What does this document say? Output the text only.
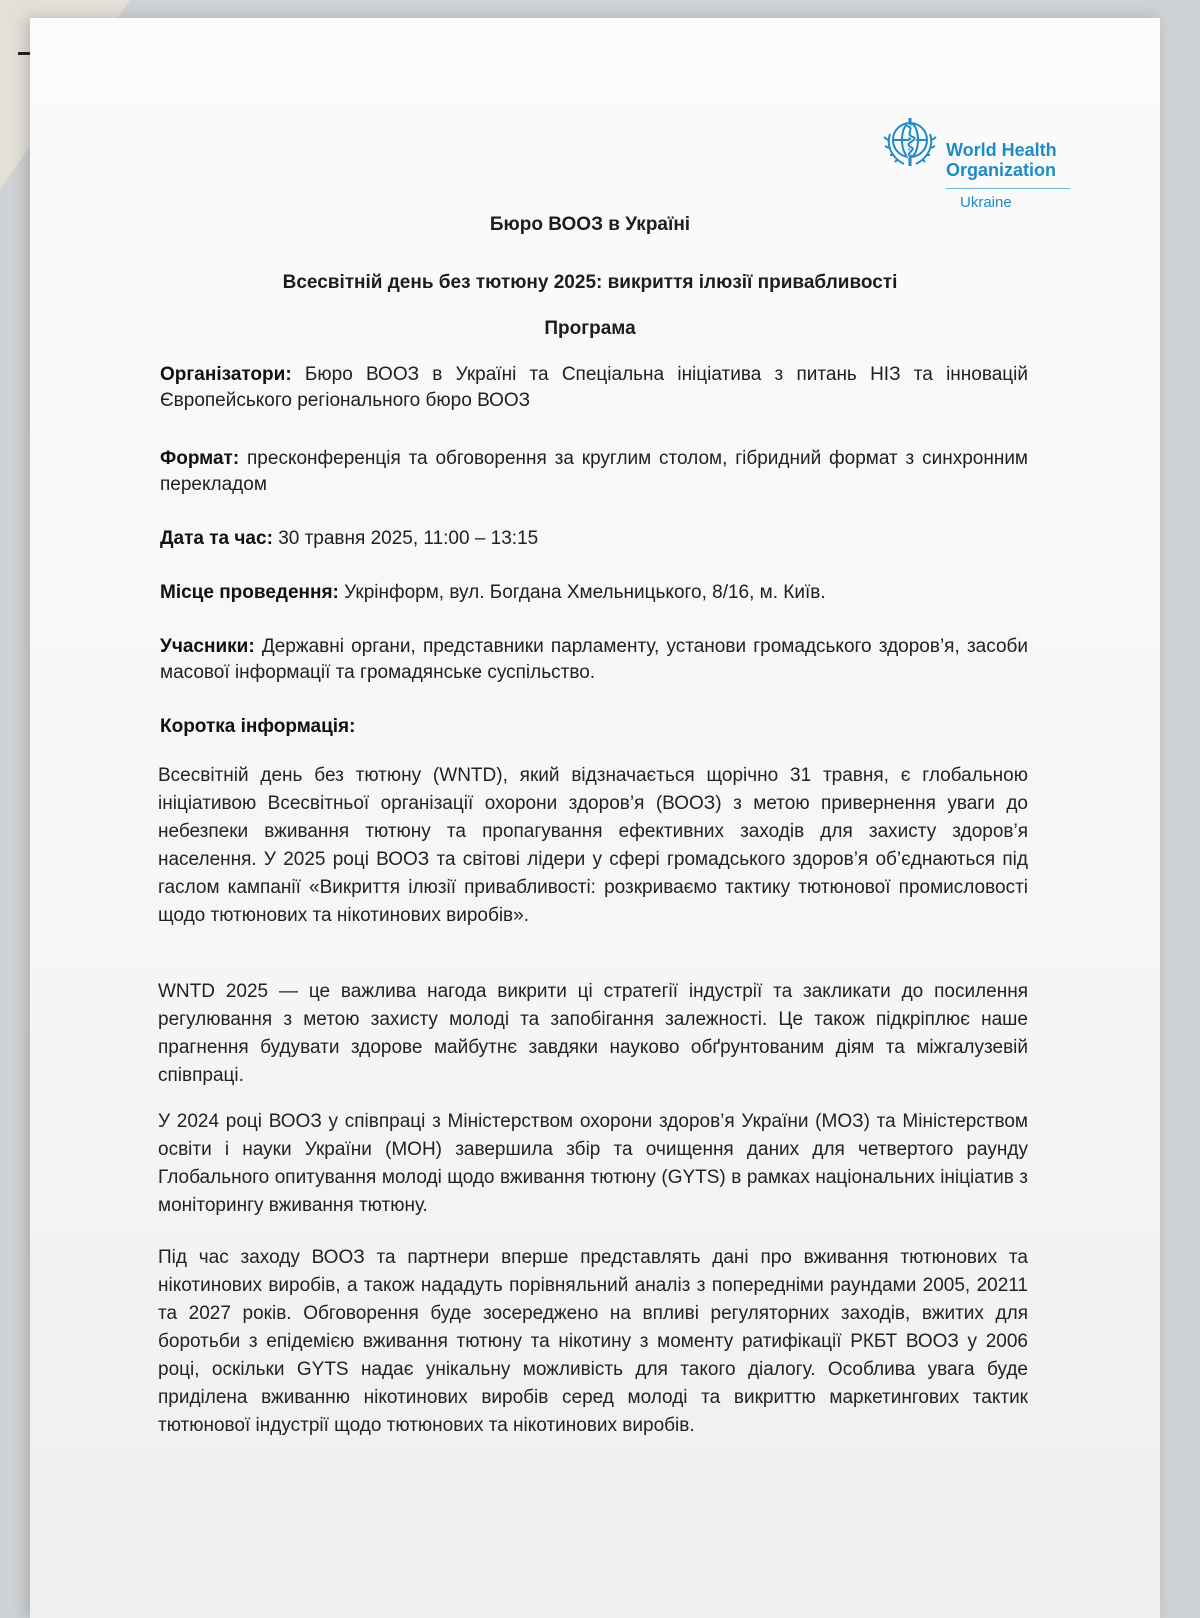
World Health
Organization
Ukraine
Бюро ВООЗ в Україні
Всесвітній день без тютюну 2025: викриття ілюзії привабливості
Програма

Організатори: Бюро ВООЗ в Україні та Спеціальна ініціатива з питань НІЗ та інновацій Європейського регіонального бюро ВООЗ

Формат: пресконференція та обговорення за круглим столом, гібридний формат з синхронним перекладом

Дата та час: 30 травня 2025, 11:00 – 13:15

Місце проведення: Укрінформ, вул. Богдана Хмельницького, 8/16, м. Київ.

Учасники: Державні органи, представники парламенту, установи громадського здоров’я, засоби масової інформації та громадянське суспільство.

Коротка інформація:

Всесвітній день без тютюну (WNTD), який відзначається щорічно 31 травня, є глобальною ініціативою Всесвітньої організації охорони здоров’я (ВООЗ) з метою привернення уваги до небезпеки вживання тютюну та пропагування ефективних заходів для захисту здоров’я населення. У 2025 році ВООЗ та світові лідери у сфері громадського здоров’я об’єднаються під гаслом кампанії «Викриття ілюзії привабливості: розкриваємо тактику тютюнової промисловості щодо тютюнових та нікотинових виробів».

WNTD 2025 — це важлива нагода викрити ці стратегії індустрії та закликати до посилення регулювання з метою захисту молоді та запобігання залежності. Це також підкріплює наше прагнення будувати здорове майбутнє завдяки науково обґрунтованим діям та міжгалузевій співпраці.

У 2024 році ВООЗ у співпраці з Міністерством охорони здоров’я України (МОЗ) та Міністерством освіти і науки України (МОН) завершила збір та очищення даних для четвертого раунду Глобального опитування молоді щодо вживання тютюну (GYTS) в рамках національних ініціатив з моніторингу вживання тютюну.

Під час заходу ВООЗ та партнери вперше представлять дані про вживання тютюнових та нікотинових виробів, а також нададуть порівняльний аналіз з попередніми раундами 2005, 20211 та 2027 років. Обговорення буде зосереджено на впливі регуляторних заходів, вжитих для боротьби з епідемією вживання тютюну та нікотину з моменту ратифікації РКБТ ВООЗ у 2006 році, оскільки GYTS надає унікальну можливість для такого діалогу. Особлива увага буде приділена вживанню нікотинових виробів серед молоді та викриттю маркетингових тактик тютюнової індустрії щодо тютюнових та нікотинових виробів.
